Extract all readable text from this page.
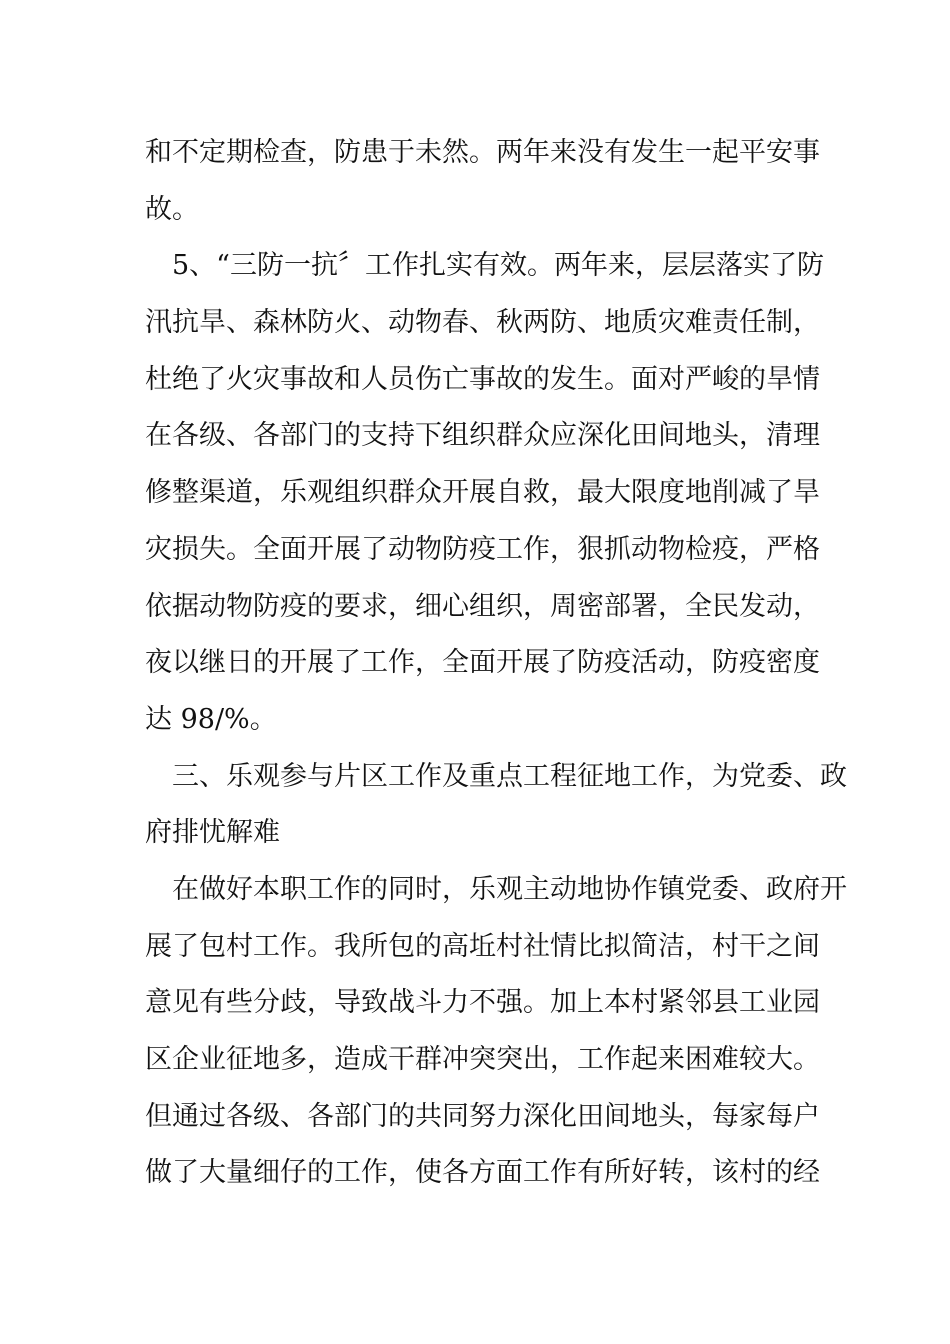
和不定期检查，防患于未然。两年来没有发生一起平安事
故。
5、“三防一抗〞工作扎实有效。两年来，层层落实了防
汛抗旱、森林防火、动物春、秋两防、地质灾难责任制，
杜绝了火灾事故和人员伤亡事故的发生。面对严峻的旱情
在各级、各部门的支持下组织群众应深化田间地头，清理
修整渠道，乐观组织群众开展自救，最大限度地削减了旱
灾损失。全面开展了动物防疫工作，狠抓动物检疫，严格
依据动物防疫的要求，细心组织，周密部署，全民发动，
夜以继日的开展了工作，全面开展了防疫活动，防疫密度
达 98/%。
三、乐观参与片区工作及重点工程征地工作，为党委、政
府排忧解难
在做好本职工作的同时，乐观主动地协作镇党委、政府开
展了包村工作。我所包的高坵村社情比拟简洁，村干之间
意见有些分歧，导致战斗力不强。加上本村紧邻县工业园
区企业征地多，造成干群冲突突出，工作起来困难较大。
但通过各级、各部门的共同努力深化田间地头，每家每户
做了大量细仔的工作，使各方面工作有所好转，该村的经
